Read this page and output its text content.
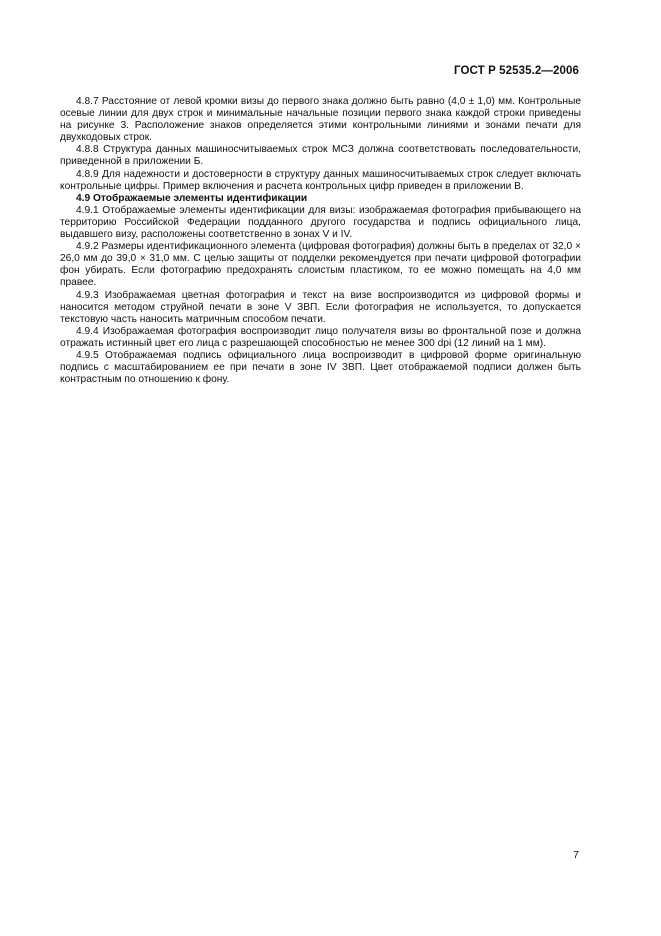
ГОСТ Р 52535.2—2006

4.8.7 Расстояние от левой кромки визы до первого знака должно быть равно (4,0 ± 1,0) мм. Контрольные осевые линии для двух строк и минимальные начальные позиции первого знака каждой строки приведены на рисунке 3. Расположение знаков определяется этими контрольными линиями и зонами печати для двухкодовых строк.

4.8.8 Структура данных машиносчитываемых строк МСЗ должна соответствовать последовательности, приведенной в приложении Б.

4.8.9 Для надежности и достоверности в структуру данных машиносчитываемых строк следует включать контрольные цифры. Пример включения и расчета контрольных цифр приведен в приложении В.

4.9 Отображаемые элементы идентификации

4.9.1 Отображаемые элементы идентификации для визы: изображаемая фотография прибывающего на территорию Российской Федерации подданного другого государства и подпись официального лица, выдавшего визу, расположены соответственно в зонах V и IV.

4.9.2 Размеры идентификационного элемента (цифровая фотография) должны быть в пределах от 32,0 × 26,0 мм до 39,0 × 31,0 мм. С целью защиты от подделки рекомендуется при печати цифровой фотографии фон убирать. Если фотографию предохранять слоистым пластиком, то ее можно помещать на 4,0 мм правее.

4.9.3 Изображаемая цветная фотография и текст на визе воспроизводится из цифровой формы и наносится методом струйной печати в зоне V ЗВП. Если фотография не используется, то допускается текстовую часть наносить матричным способом печати.

4.9.4 Изображаемая фотография воспроизводит лицо получателя визы во фронтальной позе и должна отражать истинный цвет его лица с разрешающей способностью не менее 300 dpi (12 линий на 1 мм).

4.9.5 Отображаемая подпись официального лица воспроизводит в цифровой форме оригинальную подпись с масштабированием ее при печати в зоне IV ЗВП. Цвет отображаемой подписи должен быть контрастным по отношению к фону.

7
